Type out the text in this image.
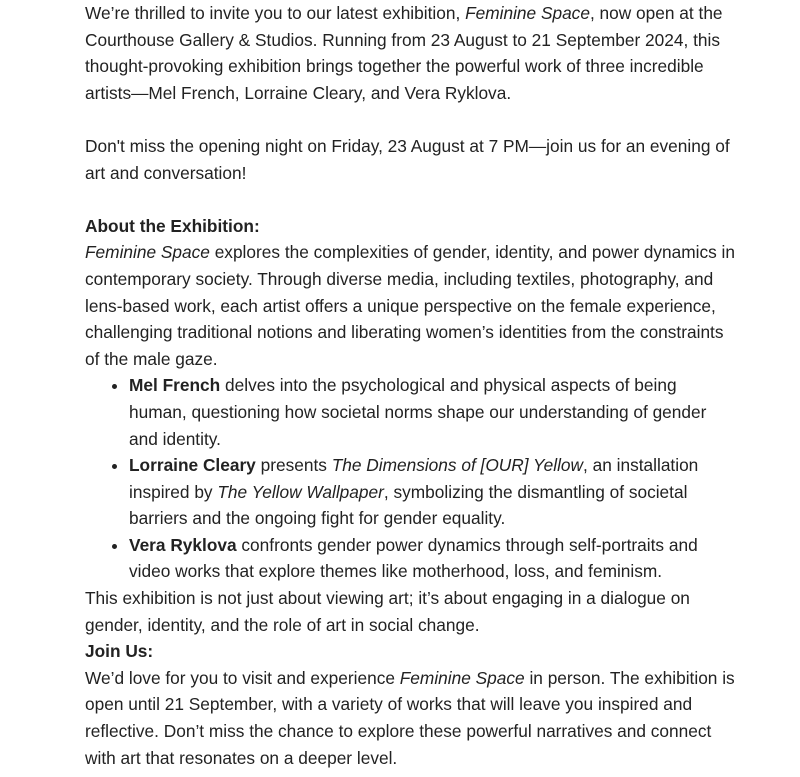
We’re thrilled to invite you to our latest exhibition, Feminine Space, now open at the Courthouse Gallery & Studios. Running from 23 August to 21 September 2024, this thought-provoking exhibition brings together the powerful work of three incredible artists—Mel French, Lorraine Cleary, and Vera Ryklova.

Don't miss the opening night on Friday, 23 August at 7 PM—join us for an evening of art and conversation!

About the Exhibition:

Feminine Space explores the complexities of gender, identity, and power dynamics in contemporary society. Through diverse media, including textiles, photography, and lens-based work, each artist offers a unique perspective on the female experience, challenging traditional notions and liberating women’s identities from the constraints of the male gaze.

• Mel French delves into the psychological and physical aspects of being human, questioning how societal norms shape our understanding of gender and identity.
• Lorraine Cleary presents The Dimensions of [OUR] Yellow, an installation inspired by The Yellow Wallpaper, symbolizing the dismantling of societal barriers and the ongoing fight for gender equality.
• Vera Ryklova confronts gender power dynamics through self-portraits and video works that explore themes like motherhood, loss, and feminism.

This exhibition is not just about viewing art; it’s about engaging in a dialogue on gender, identity, and the role of art in social change.

Join Us:

We’d love for you to visit and experience Feminine Space in person. The exhibition is open until 21 September, with a variety of works that will leave you inspired and reflective. Don’t miss the chance to explore these powerful narratives and connect with art that resonates on a deeper level.
